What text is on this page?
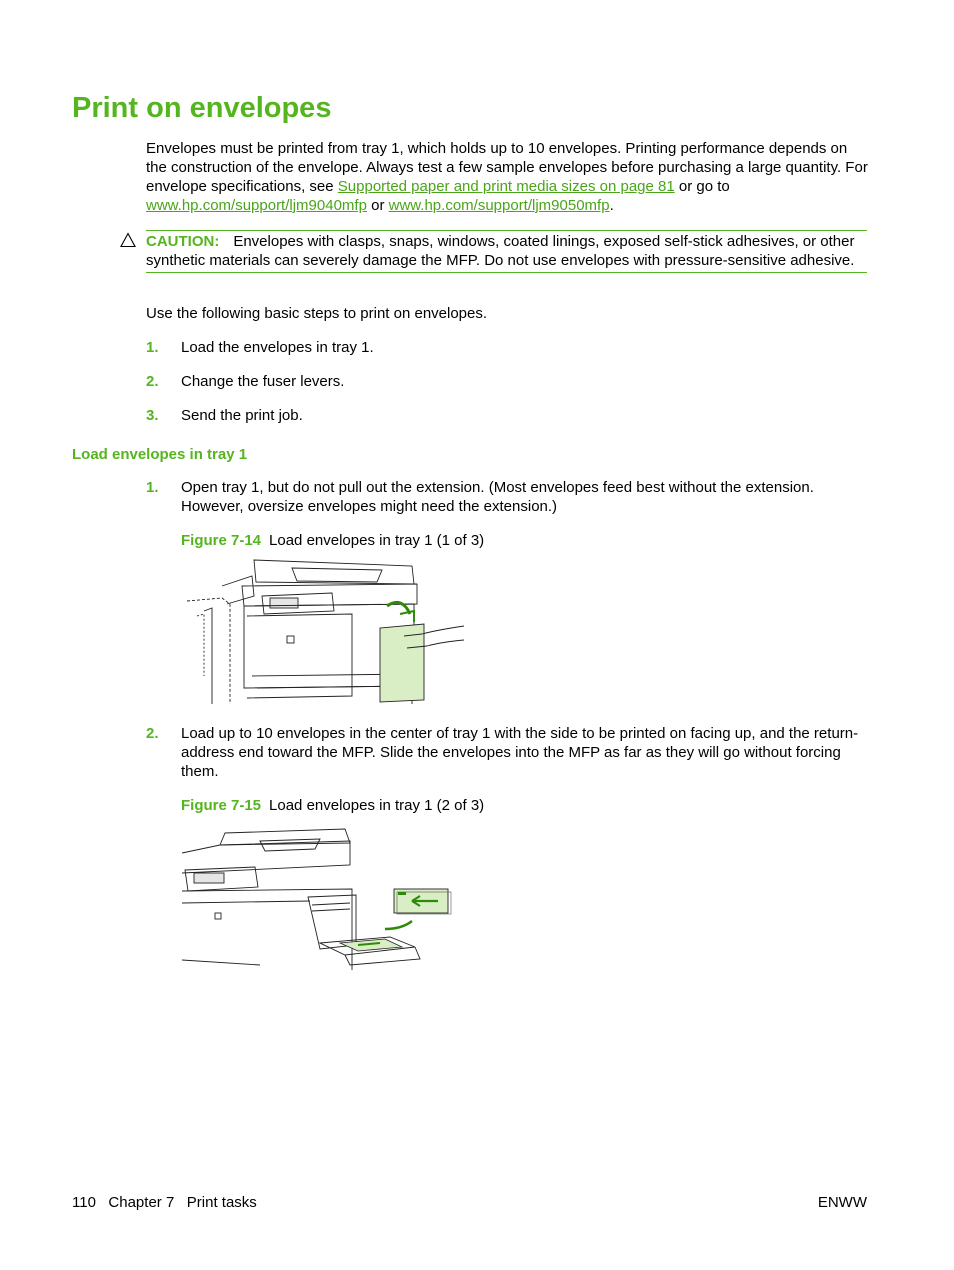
Print on envelopes

Envelopes must be printed from tray 1, which holds up to 10 envelopes. Printing performance depends on the construction of the envelope. Always test a few sample envelopes before purchasing a large quantity. For envelope specifications, see Supported paper and print media sizes on page 81 or go to www.hp.com/support/ljm9040mfp or www.hp.com/support/ljm9050mfp.

CAUTION: Envelopes with clasps, snaps, windows, coated linings, exposed self-stick adhesives, or other synthetic materials can severely damage the MFP. Do not use envelopes with pressure-sensitive adhesive.

Use the following basic steps to print on envelopes.

1. Load the envelopes in tray 1.
2. Change the fuser levers.
3. Send the print job.
Load envelopes in tray 1
1. Open tray 1, but do not pull out the extension. (Most envelopes feed best without the extension. However, oversize envelopes might need the extension.)
Figure 7-14 Load envelopes in tray 1 (1 of 3)
2. Load up to 10 envelopes in the center of tray 1 with the side to be printed on facing up, and the return-address end toward the MFP. Slide the envelopes into the MFP as far as they will go without forcing them.
Figure 7-15 Load envelopes in tray 1 (2 of 3)
110   Chapter 7   Print tasks	ENWW
